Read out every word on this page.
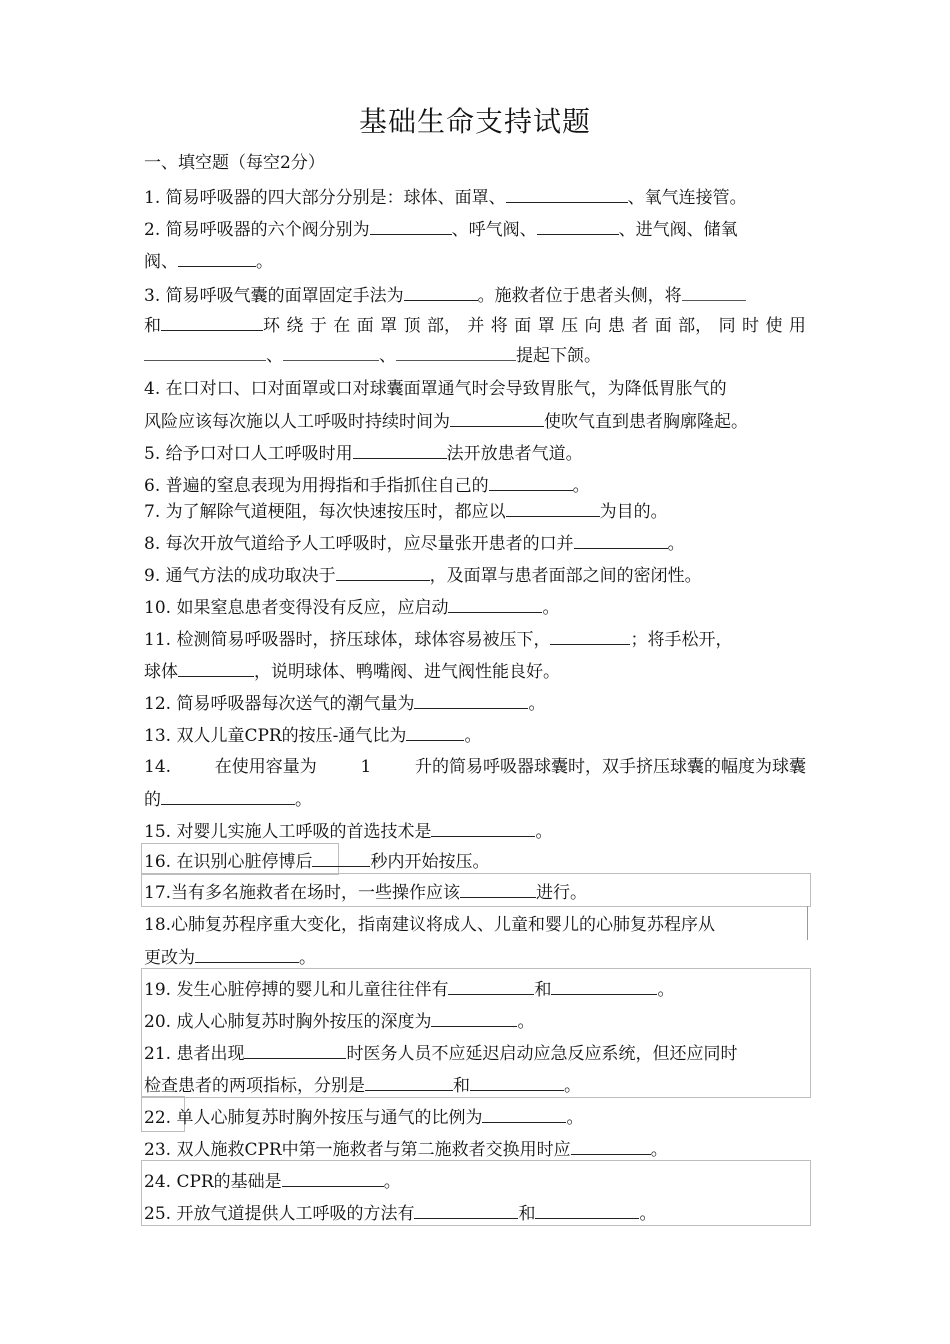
基础生命支持试题
一、填空题（每空2分）
1. 简易呼吸器的四大部分分别是：球体、面罩、	、氧气连接管。
2. 简易呼吸器的六个阀分别为	、呼气阀、	、进气阀、储氧
阀、	。
3. 简易呼吸气囊的面罩固定手法为	。施救者位于患者头侧，将
和	环 绕 于 在 面 罩 顶 部， 并 将 面 罩 压 向 患 者 面 部， 同 时 使 用
、	、	提起下颌。
4. 在口对口、口对面罩或口对球囊面罩通气时会导致胃胀气，为降低胃胀气的
风险应该每次施以人工呼吸时持续时间为	使吹气直到患者胸廓隆起。
5. 给予口对口人工呼吸时用	法开放患者气道。
6. 普遍的窒息表现为用拇指和手指抓住自己的	。
7. 为了解除气道梗阻，每次快速按压时，都应以	为目的。
8. 每次开放气道给予人工呼吸时，应尽量张开患者的口并	。
9. 通气方法的成功取决于	，及面罩与患者面部之间的密闭性。
10. 如果窒息患者变得没有反应，应启动	。
11. 检测简易呼吸器时，挤压球体，球体容易被压下，	；将手松开，
球体	，说明球体、鸭嘴阀、进气阀性能良好。
12. 简易呼吸器每次送气的潮气量为	。
13. 双人儿童CPR的按压-通气比为	。
14.	在使用容量为	1	升的简易呼吸器球囊时，双手挤压球囊的幅度为球囊
的	。
15. 对婴儿实施人工呼吸的首选技术是	。
16. 在识别心脏停博后	秒内开始按压。
17.当有多名施救者在场时，一些操作应该	进行。
18.心肺复苏程序重大变化，指南建议将成人、儿童和婴儿的心肺复苏程序从
更改为	。
19. 发生心脏停搏的婴儿和儿童往往伴有	和	。
20. 成人心肺复苏时胸外按压的深度为	。
21. 患者出现	时医务人员不应延迟启动应急反应系统，但还应同时
检查患者的两项指标，分别是	和	。
22. 单人心肺复苏时胸外按压与通气的比例为	。
23. 双人施救CPR中第一施救者与第二施救者交换用时应	。
24. CPR的基础是	。
25. 开放气道提供人工呼吸的方法有	和	。
